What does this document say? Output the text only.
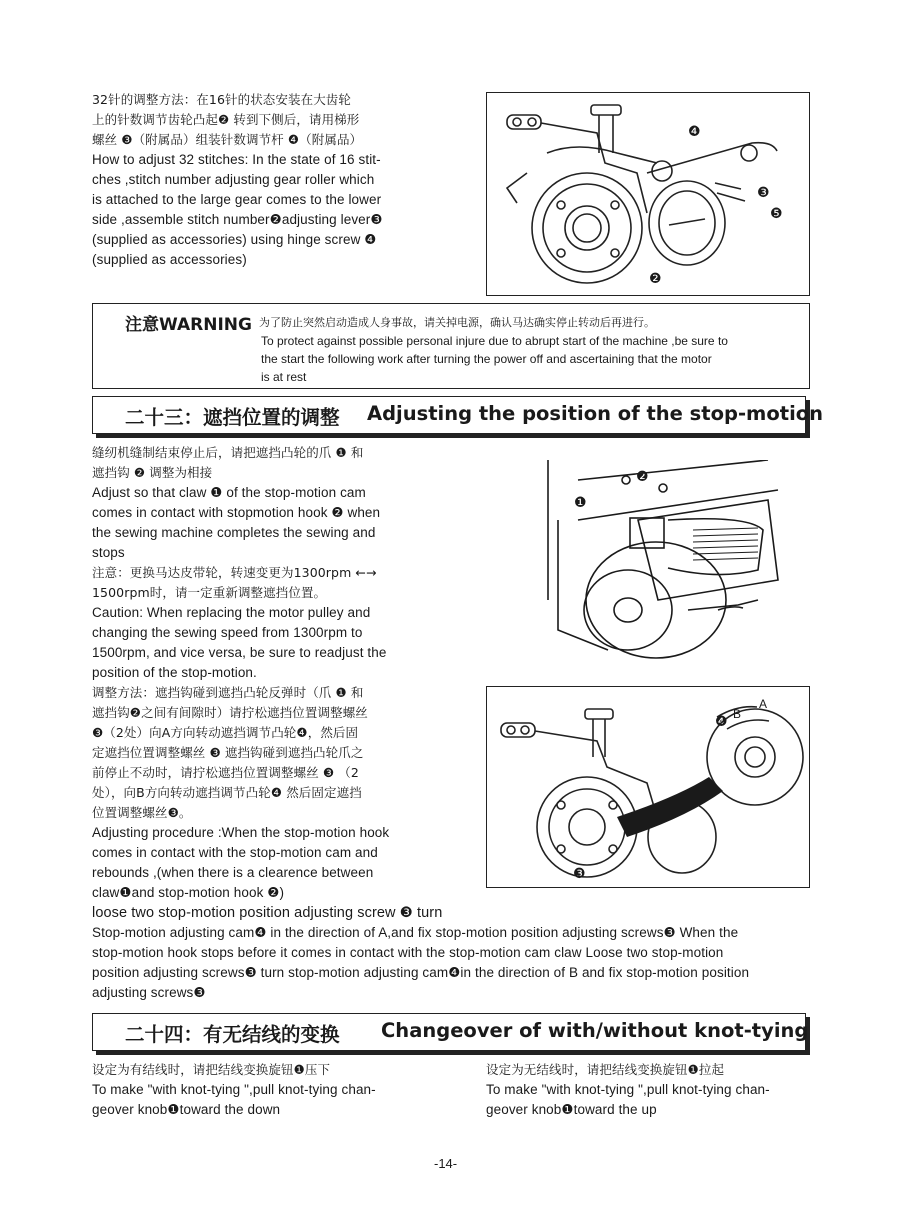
32针的调整方法：在16针的状态安装在大齿轮
上的针数调节齿轮凸起❷ 转到下侧后，请用梯形
螺丝 ❸（附属品）组装针数调节杆 ❹（附属品）
How to adjust 32 stitches: In the state of 16 stit-
ches ,stitch number adjusting gear roller which
is attached to the large gear comes to the lower
side ,assemble stitch number❷adjusting lever❸
(supplied as accessories) using hinge screw ❹
(supplied as accessories)
❹
❸
❺
❷
注意WARNING 为了防止突然启动造成人身事故，请关掉电源，确认马达确实停止转动后再进行。
To protect against possible personal injure due to abrupt start of the machine ,be sure to
the start the following work after turning the power off and ascertaining that the motor
is at rest
二十三：遮挡位置的调整 Adjusting the position of the stop-motion
缝纫机缝制结束停止后，请把遮挡凸轮的爪 ❶ 和
遮挡钩 ❷ 调整为相接
Adjust so that claw ❶ of the stop-motion cam
comes in contact with stopmotion hook ❷ when
the sewing machine completes the sewing and
stops
注意：更换马达皮带轮，转速变更为1300rpm ←→
1500rpm时，请一定重新调整遮挡位置。
Caution: When replacing the motor pulley and
changing the sewing speed from 1300rpm to
1500rpm, and vice versa, be sure to readjust the
position of the stop-motion.
调整方法：遮挡钩碰到遮挡凸轮反弹时（爪 ❶ 和
遮挡钩❷之间有间隙时）请拧松遮挡位置调整螺丝
❸（2处）向A方向转动遮挡调节凸轮❹，然后固
定遮挡位置调整螺丝 ❸ 遮挡钩碰到遮挡凸轮爪之
前停止不动时，请拧松遮挡位置调整螺丝 ❸ （2
处），向B方向转动遮挡调节凸轮❹ 然后固定遮挡
位置调整螺丝❸。
Adjusting procedure :When the stop-motion hook
comes in contact with the stop-motion cam and
rebounds ,(when there is a clearence between
claw❶and stop-motion hook ❷)
loose two stop-motion position adjusting screw ❸ turn
Stop-motion adjusting cam❹ in the direction of A,and fix stop-motion position adjusting screws❸ When the
stop-motion hook stops before it comes in contact with the stop-motion cam claw Loose two stop-motion
position adjusting screws❸ turn stop-motion adjusting cam❹in the direction of B and fix stop-motion position
adjusting screws❸
❷
❶
A
B
❹
❸
二十四：有无结线的变换 Changeover of with/without knot-tying
设定为有结线时，请把结线变换旋钮❶压下
To make "with knot-tying ",pull knot-tying chan-
geover knob❶toward the down
设定为无结线时，请把结线变换旋钮❶拉起
To make "with knot-tying ",pull knot-tying chan-
geover knob❶toward the up
-14-
